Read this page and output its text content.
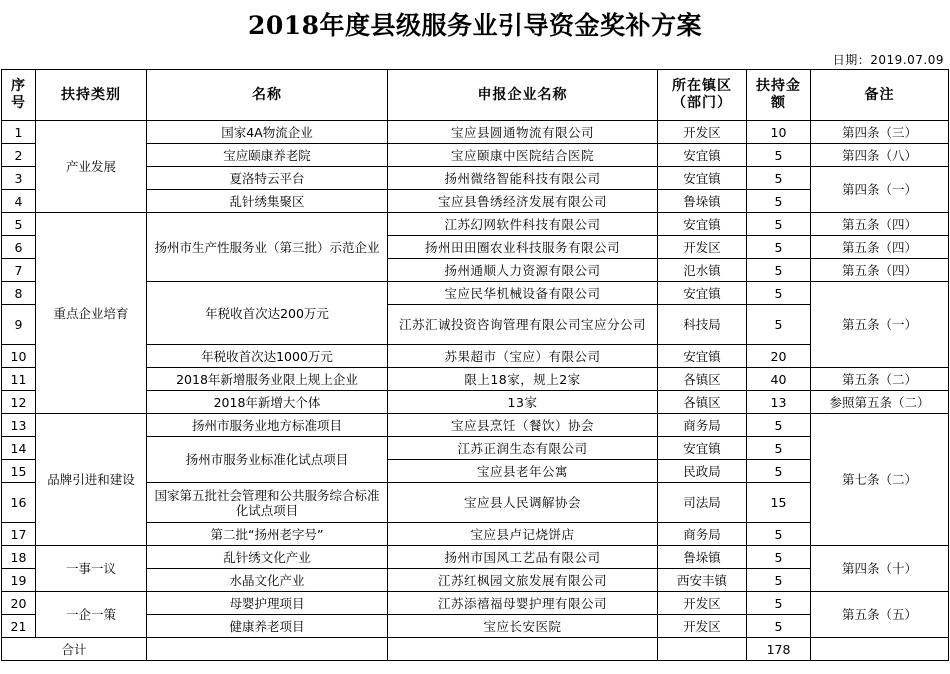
2018年度县级服务业引导资金奖补方案
日期：2019.07.09
序号	扶持类别	名称	申报企业名称	所在镇区（部门）	扶持金额	备注
1	产业发展	国家4A物流企业	宝应县圆通物流有限公司	开发区	10	第四条（三）
2		宝应颐康养老院	宝应颐康中医院结合医院	安宜镇	5	第四条（八）
3		夏洛特云平台	扬州微络智能科技有限公司	安宜镇	5	第四条（一）
4		乱针绣集聚区	宝应县鲁绣经济发展有限公司	鲁垛镇	5	
5	重点企业培育	扬州市生产性服务业（第三批）示范企业	江苏幻网软件科技有限公司	安宜镇	5	第五条（四）
6			扬州田田圈农业科技服务有限公司	开发区	5	第五条（四）
7			扬州通顺人力资源有限公司	氾水镇	5	第五条（四）
8		年税收首次达200万元	宝应民华机械设备有限公司	安宜镇	5	第五条（一）
9			江苏汇诚投资咨询管理有限公司宝应分公司	科技局	5	
10		年税收首次达1000万元	苏果超市（宝应）有限公司	安宜镇	20	
11		2018年新增服务业限上规上企业	限上18家，规上2家	各镇区	40	第五条（二）
12		2018年新增大个体	13家	各镇区	13	参照第五条（二）
13	品牌引进和建设	扬州市服务业地方标准项目	宝应县烹饪（餐饮）协会	商务局	5	第七条（二）
14		扬州市服务业标准化试点项目	江苏正润生态有限公司	安宜镇	5	
15			宝应县老年公寓	民政局	5	
16		国家第五批社会管理和公共服务综合标准化试点项目	宝应县人民调解协会	司法局	15	
17		第二批“扬州老字号”	宝应县卢记烧饼店	商务局	5	
18	一事一议	乱针绣文化产业	扬州市国风工艺品有限公司	鲁垛镇	5	第四条（十）
19		水晶文化产业	江苏红枫园文旅发展有限公司	西安丰镇	5	
20	一企一策	母婴护理项目	江苏添禧福母婴护理有限公司	开发区	5	第五条（五）
21		健康养老项目	宝应长安医院	开发区	5	
合计					178	
